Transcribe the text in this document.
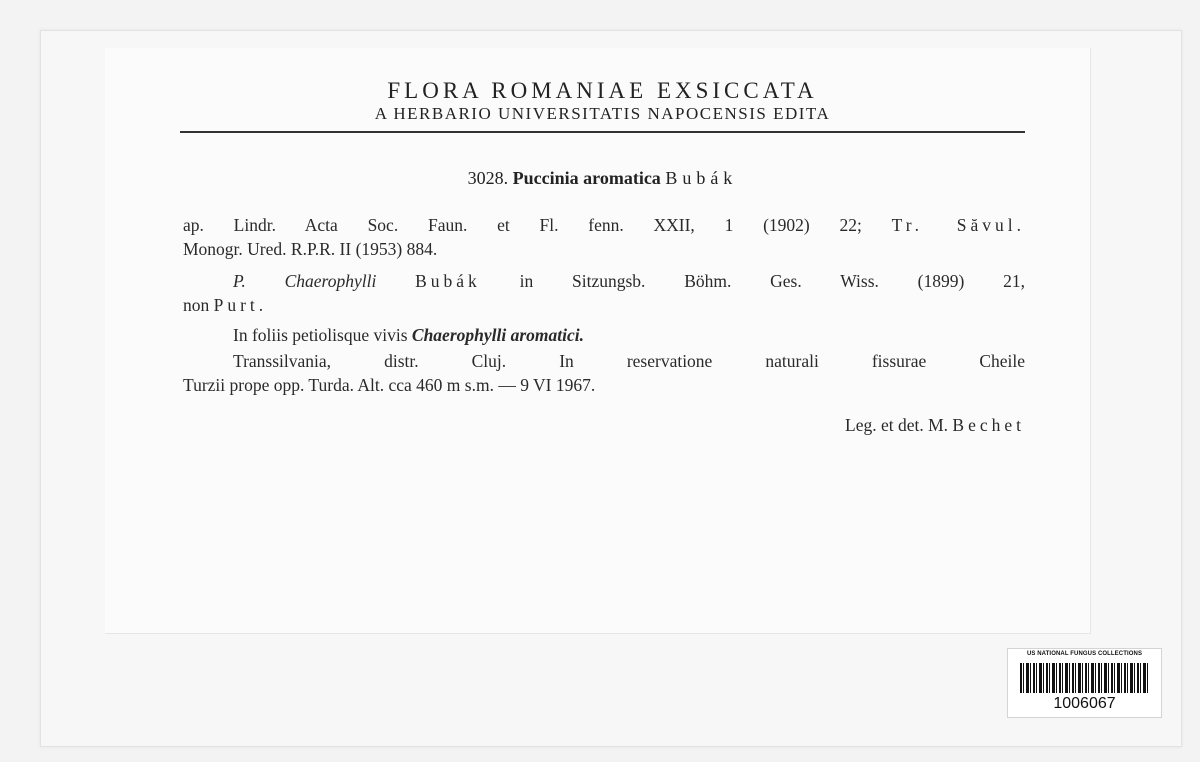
FLORA ROMANIAE EXSICCATA
A HERBARIO UNIVERSITATIS NAPOCENSIS EDITA
3028. Puccinia aromatica Bubák
ap. Lindr. Acta Soc. Faun. et Fl. fenn. XXII, 1 (1902) 22; Tr. Săvul.
Monogr. Ured. R.P.R. II (1953) 884.
P. Chaerophylli Bubák in Sitzungsb. Böhm. Ges. Wiss. (1899) 21,
non Purt.
In foliis petiolisque vivis Chaerophylli aromatici.
Transsilvania, distr. Cluj. In reservatione naturali fissurae Cheile
Turzii prope opp. Turda. Alt. cca 460 m s.m. — 9 VI 1967.
Leg. et det. M. Bechet
US NATIONAL FUNGUS COLLECTIONS
1006067
